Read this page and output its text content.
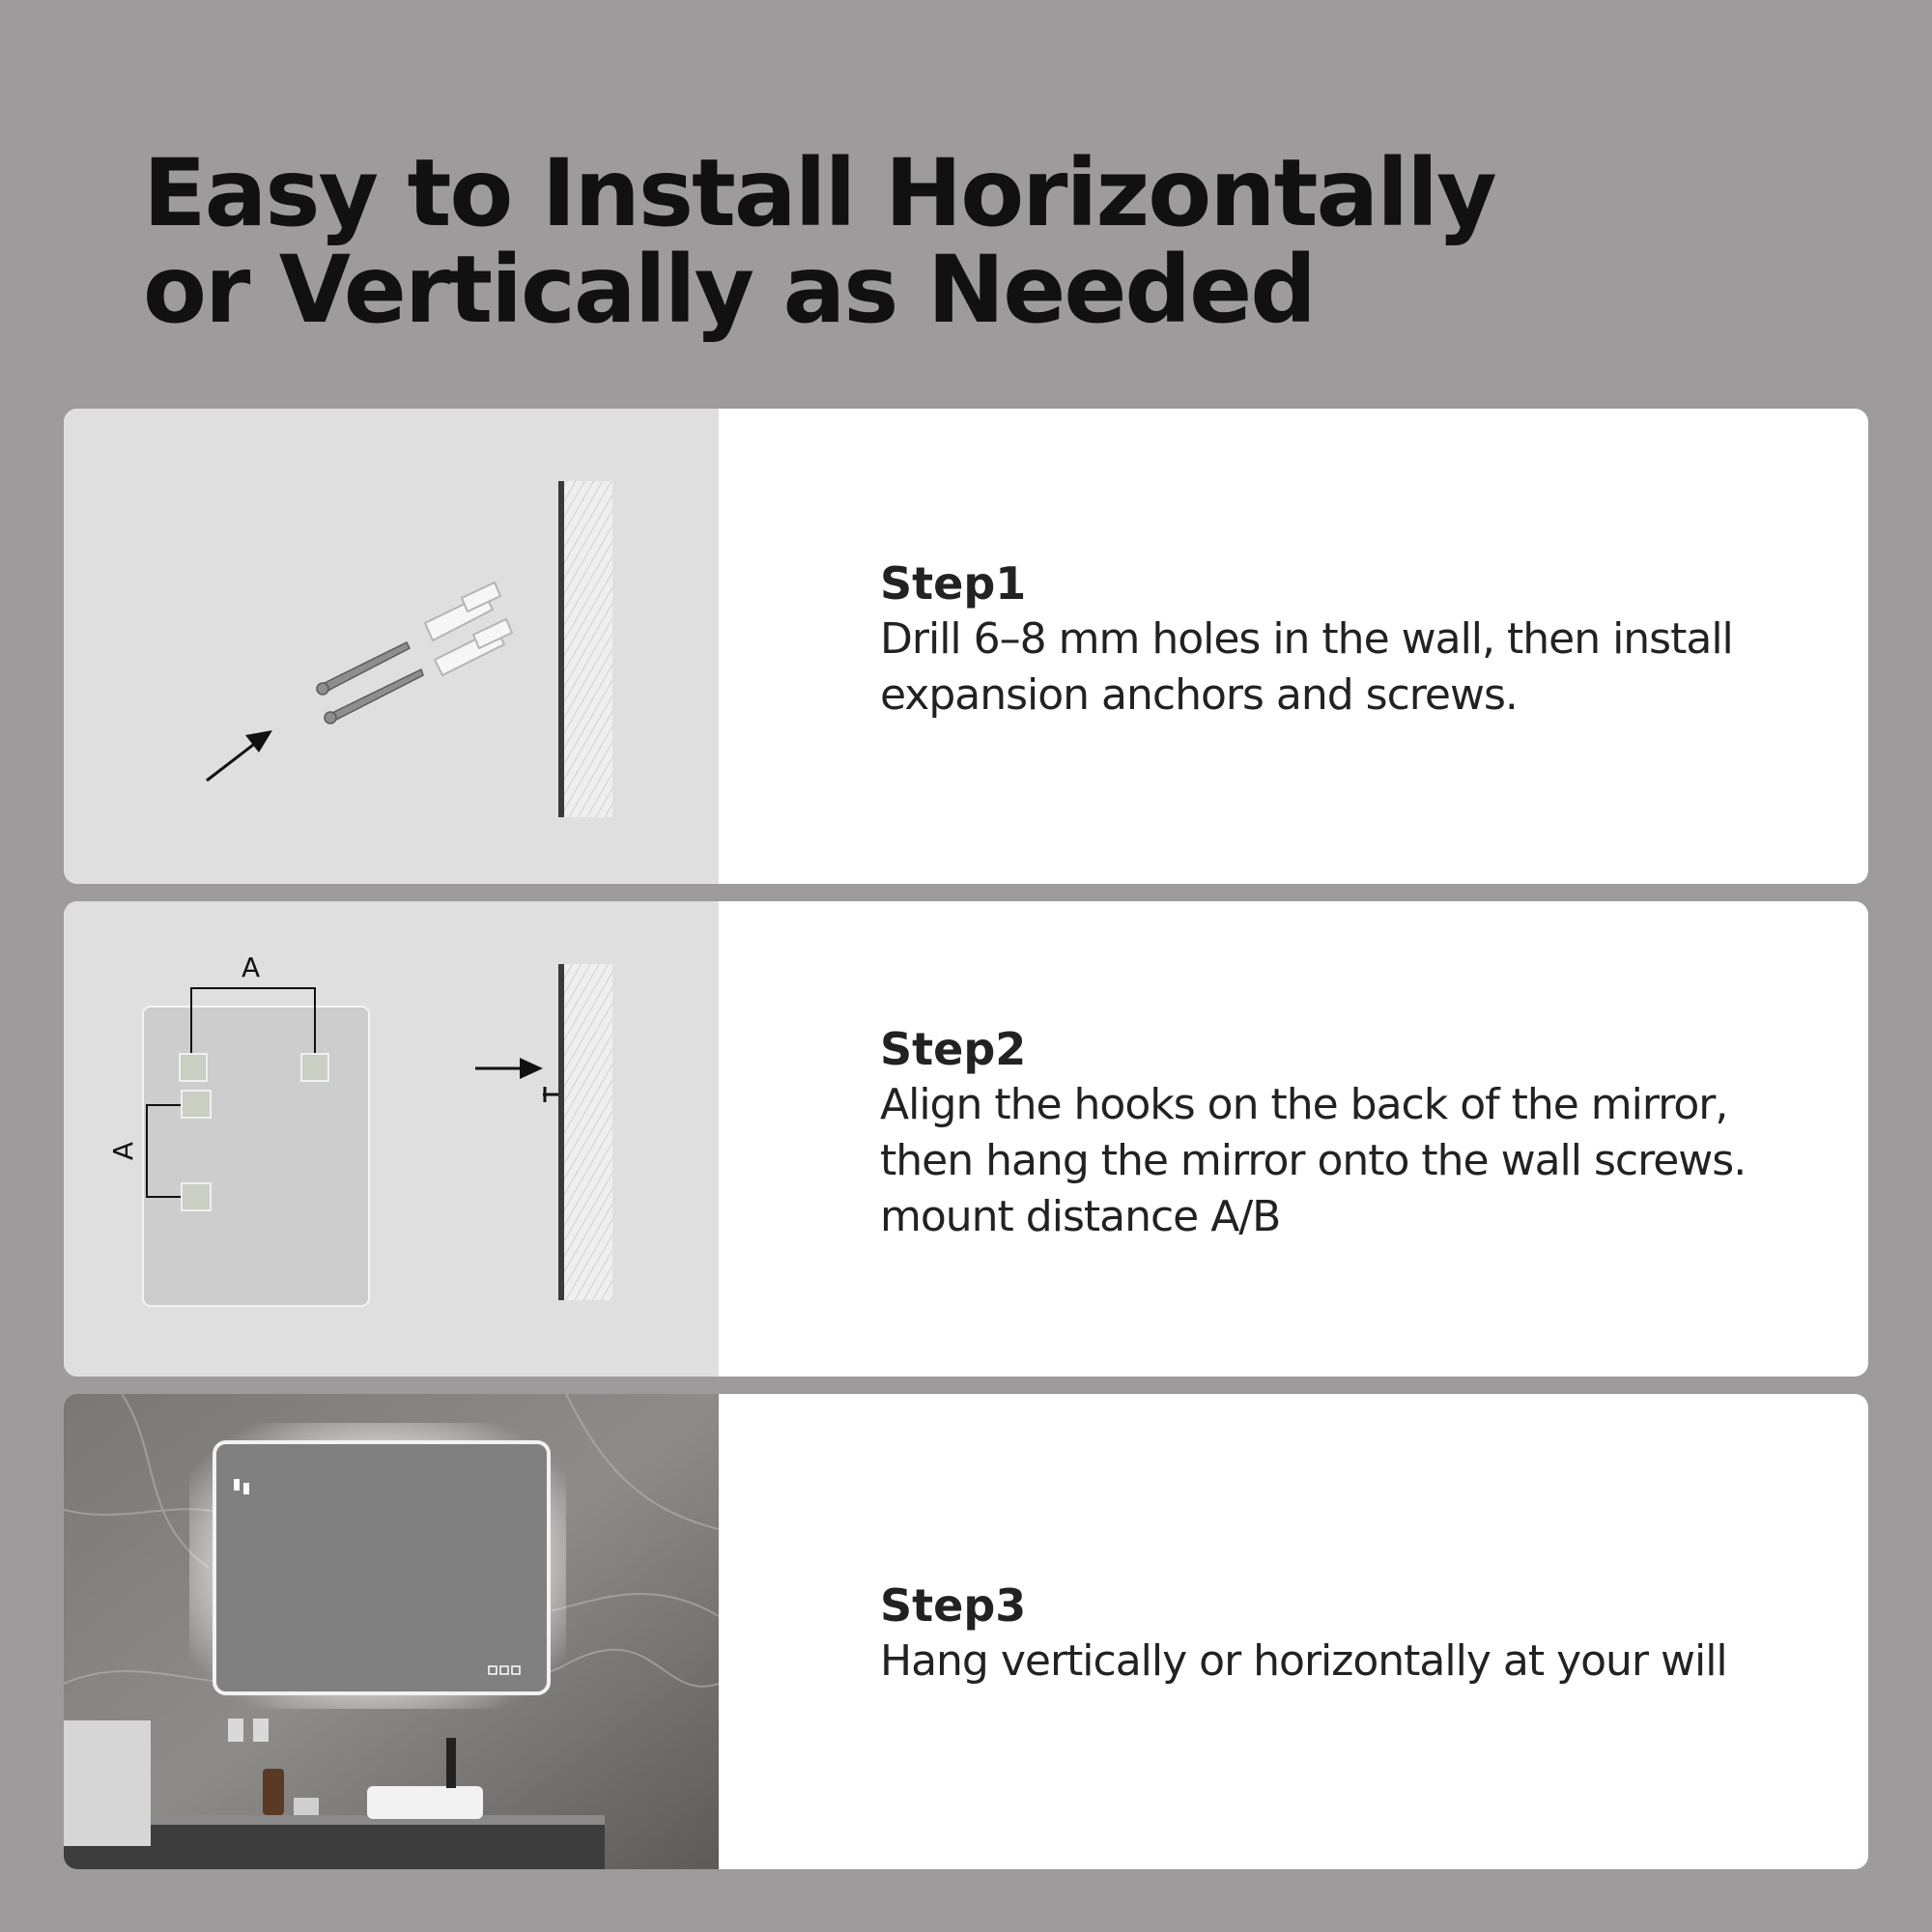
Easy to Install Horizontally
or Vertically as Needed
Step1
Drill 6–8 mm holes in the wall, then install
expansion anchors and screws.
A
A
Step2
Align the hooks on the back of the mirror,
then hang the mirror onto the wall screws.
mount distance A/B
Step3
Hang vertically or horizontally at your will
